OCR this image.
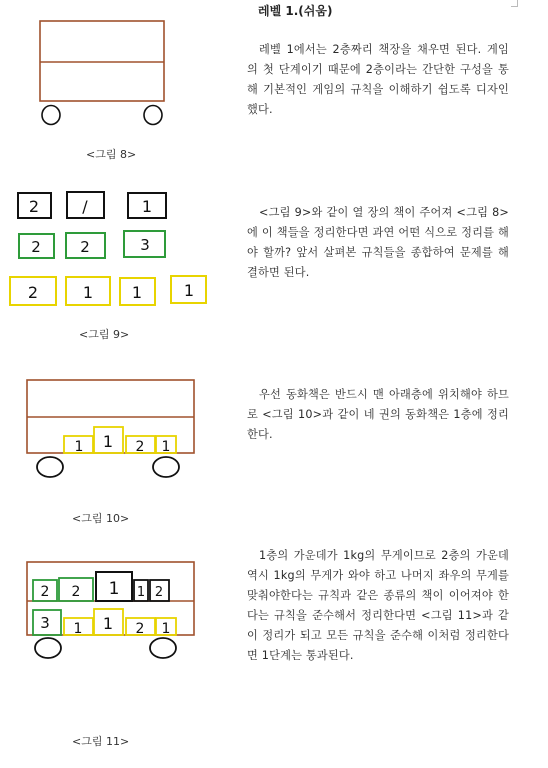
<그림 8>
2	/	1
2	2	3
2	1 1	1
<그림 9>
1 1 2 1
<그림 10>
2 2 1 1 2
3 1 1 2 1
<그림 11>
레벨 1.(쉬움)

레벨 1에서는 2층짜리 책장을 채우면 된다. 게임의 첫 단계이기 때문에 2층이라는 간단한 구성을 통해 기본적인 게임의 규칙을 이해하기 쉽도록 디자인했다.

<그림 9>와 같이 열 장의 책이 주어져 <그림 8>에 이 책들을 정리한다면 과연 어떤 식으로 정리를 해야 할까? 앞서 살펴본 규칙들을 종합하여 문제를 해결하면 된다.

우선 동화책은 반드시 맨 아래층에 위치해야 하므로 <그림 10>과 같이 네 권의 동화책은 1층에 정리한다.

1층의 가운데가 1kg의 무게이므로 2층의 가운데 역시 1kg의 무게가 와야 하고 나머지 좌우의 무게를 맞춰야한다는 규칙과 같은 종류의 책이 이어져야 한다는 규칙을 준수해서 정리한다면 <그림 11>과 같이 정리가 되고 모든 규칙을 준수해 이처럼 정리한다면 1단계는 통과된다.
